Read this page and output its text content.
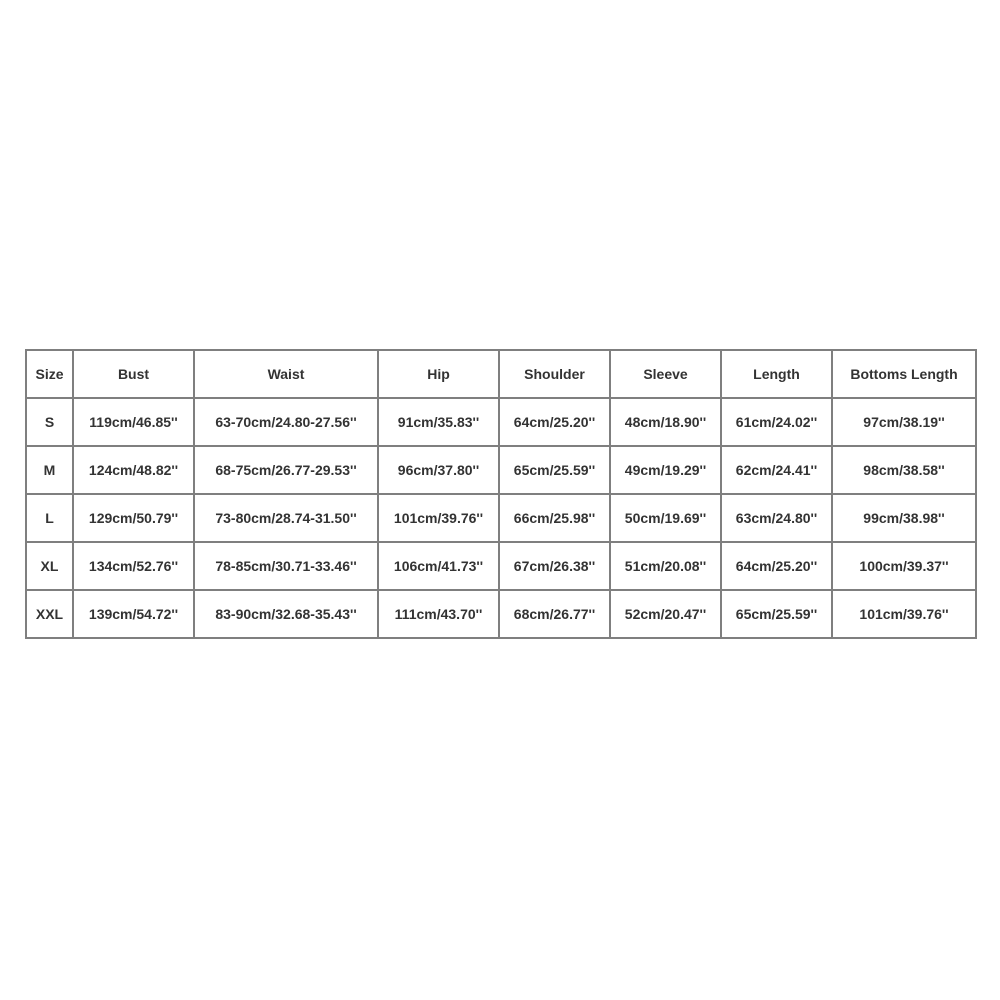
Size	Bust	Waist	Hip	Shoulder	Sleeve	Length	Bottoms Length
S	119cm/46.85''	63-70cm/24.80-27.56''	91cm/35.83''	64cm/25.20''	48cm/18.90''	61cm/24.02''	97cm/38.19''
M	124cm/48.82''	68-75cm/26.77-29.53''	96cm/37.80''	65cm/25.59''	49cm/19.29''	62cm/24.41''	98cm/38.58''
L	129cm/50.79''	73-80cm/28.74-31.50''	101cm/39.76''	66cm/25.98''	50cm/19.69''	63cm/24.80''	99cm/38.98''
XL	134cm/52.76''	78-85cm/30.71-33.46''	106cm/41.73''	67cm/26.38''	51cm/20.08''	64cm/25.20''	100cm/39.37''
XXL	139cm/54.72''	83-90cm/32.68-35.43''	111cm/43.70''	68cm/26.77''	52cm/20.47''	65cm/25.59''	101cm/39.76''
